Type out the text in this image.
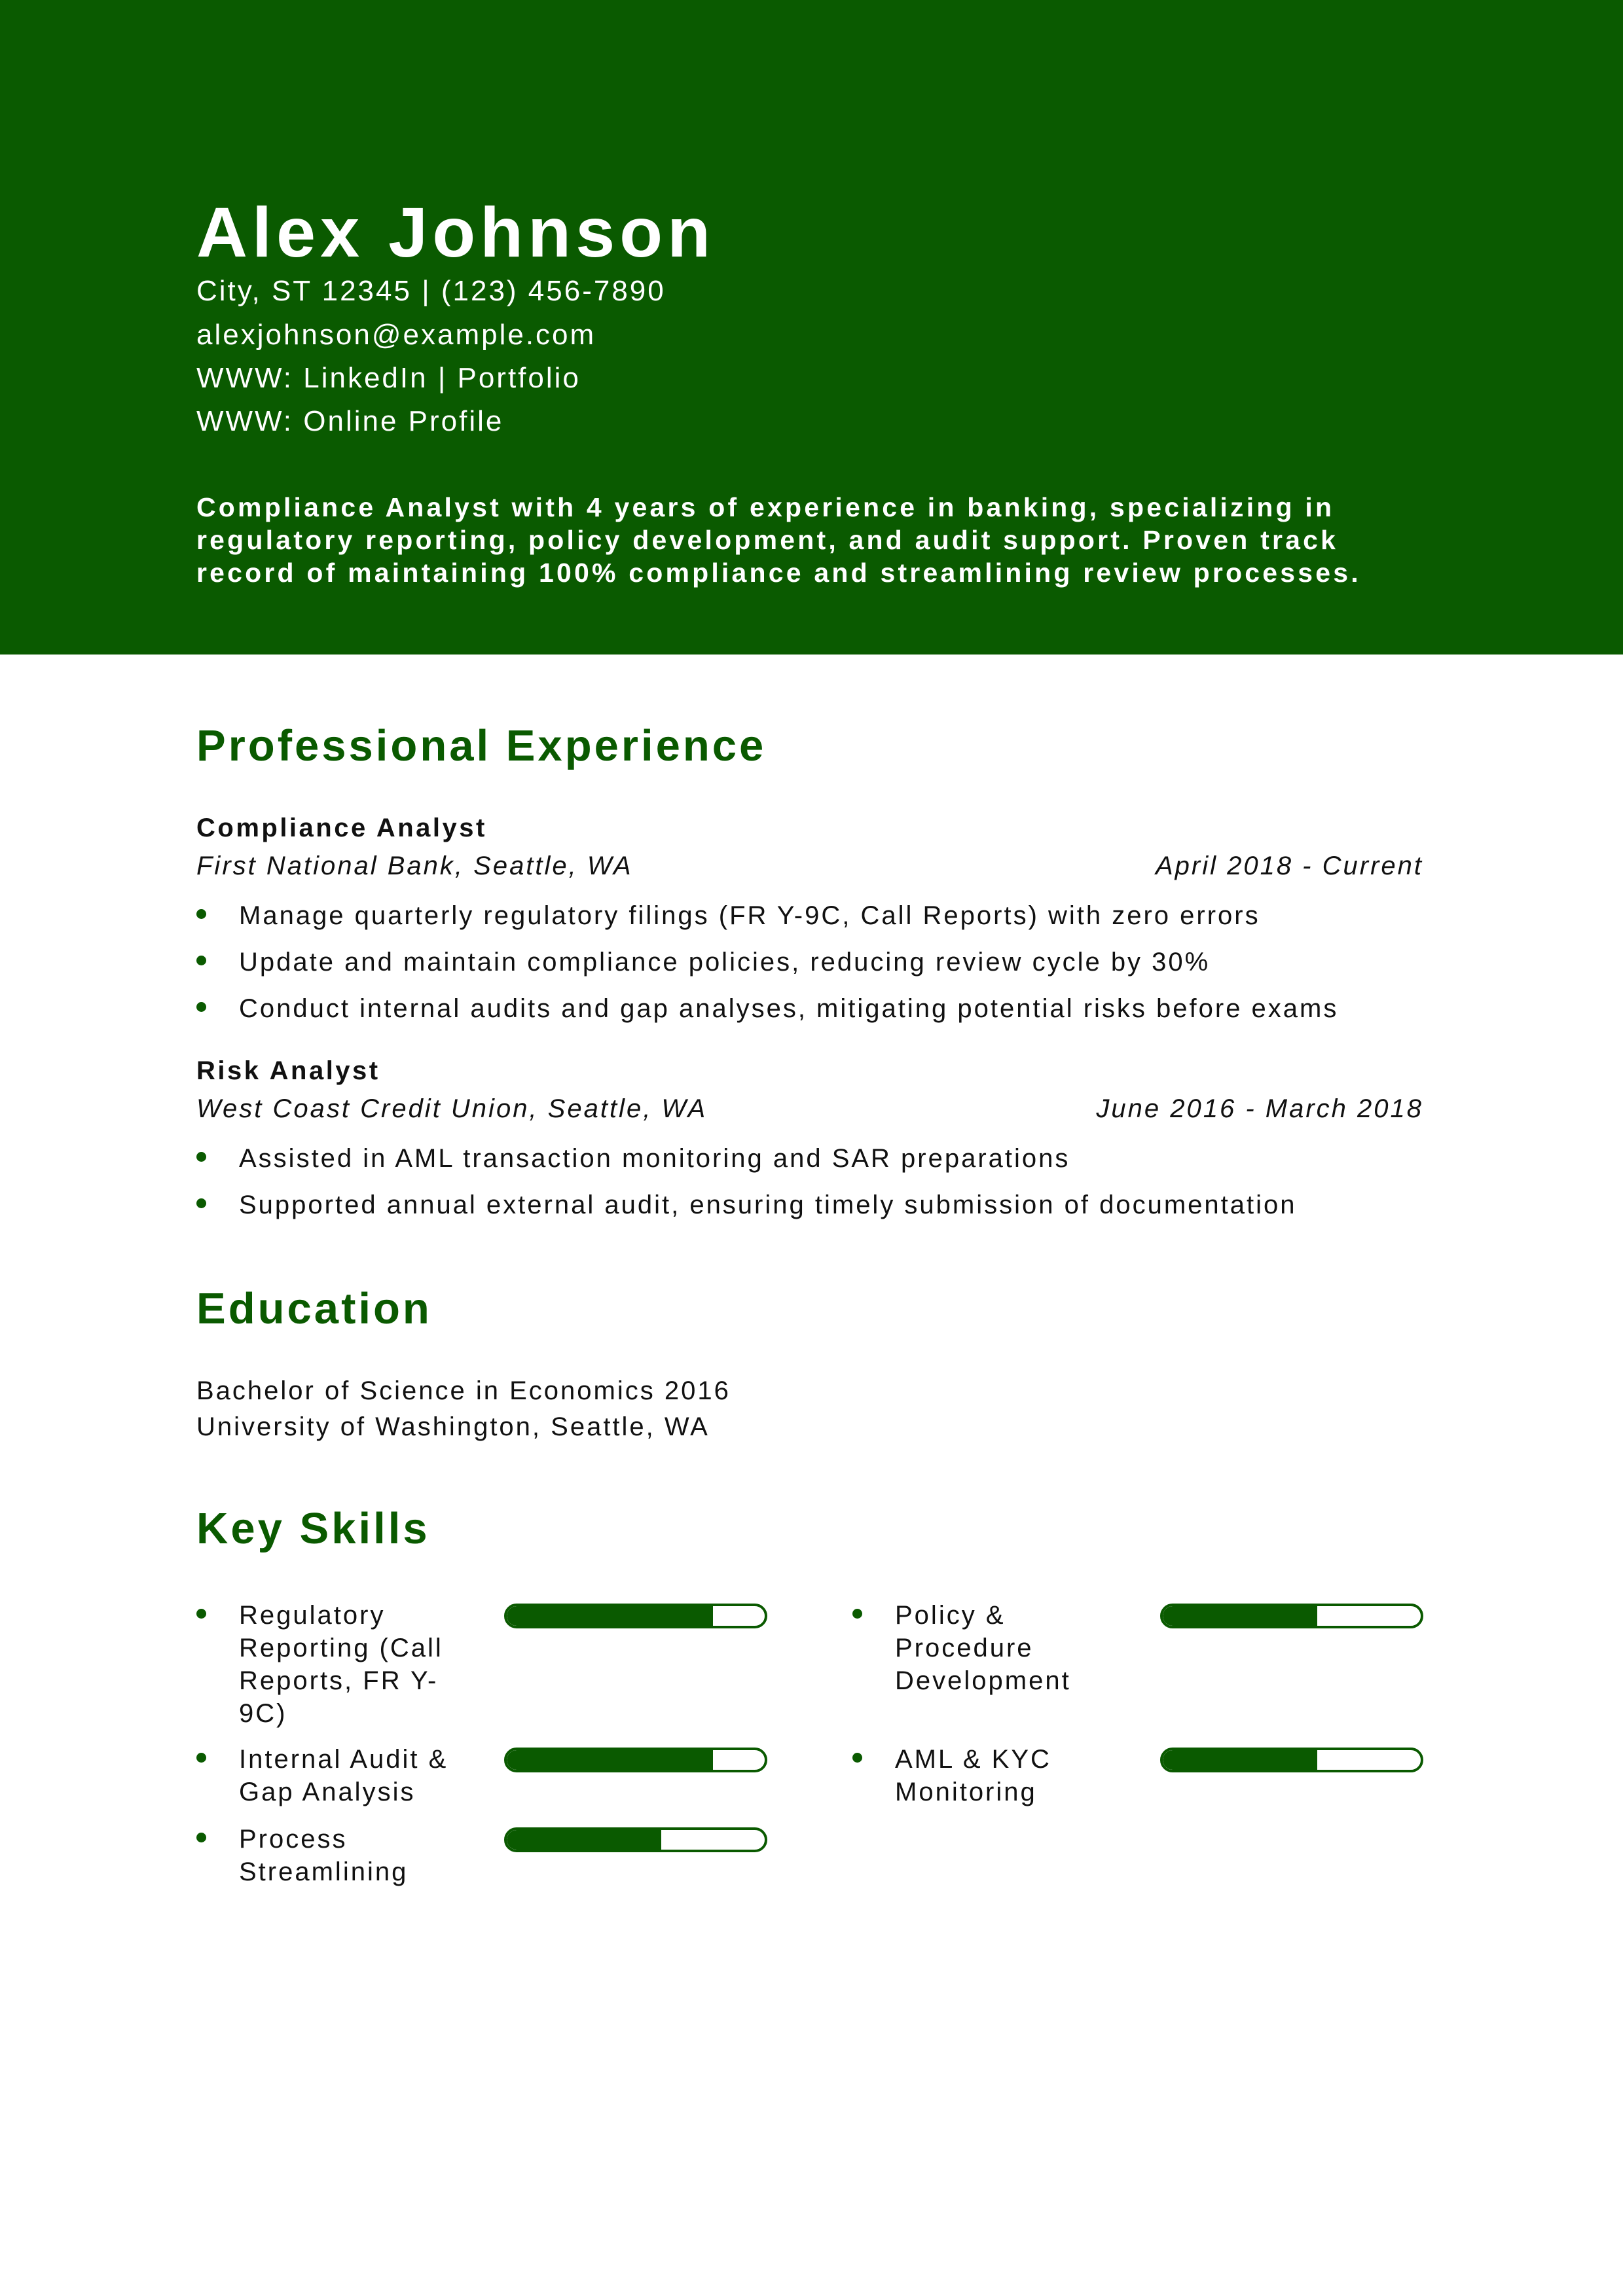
Alex Johnson
City, ST 12345 | (123) 456-7890
alexjohnson@example.com
WWW: LinkedIn | Portfolio
WWW: Online Profile
Compliance Analyst with 4 years of experience in banking, specializing in regulatory reporting, policy development, and audit support. Proven track record of maintaining 100% compliance and streamlining review processes.
Professional Experience
Compliance Analyst
First National Bank, Seattle, WA	April 2018 - Current
Manage quarterly regulatory filings (FR Y-9C, Call Reports) with zero errors
Update and maintain compliance policies, reducing review cycle by 30%
Conduct internal audits and gap analyses, mitigating potential risks before exams
Risk Analyst
West Coast Credit Union, Seattle, WA	June 2016 - March 2018
Assisted in AML transaction monitoring and SAR preparations
Supported annual external audit, ensuring timely submission of documentation
Education
Bachelor of Science in Economics 2016
University of Washington, Seattle, WA
Key Skills
Regulatory Reporting (Call Reports, FR Y-9C)
Policy & Procedure Development
Internal Audit & Gap Analysis
AML & KYC Monitoring
Process Streamlining
